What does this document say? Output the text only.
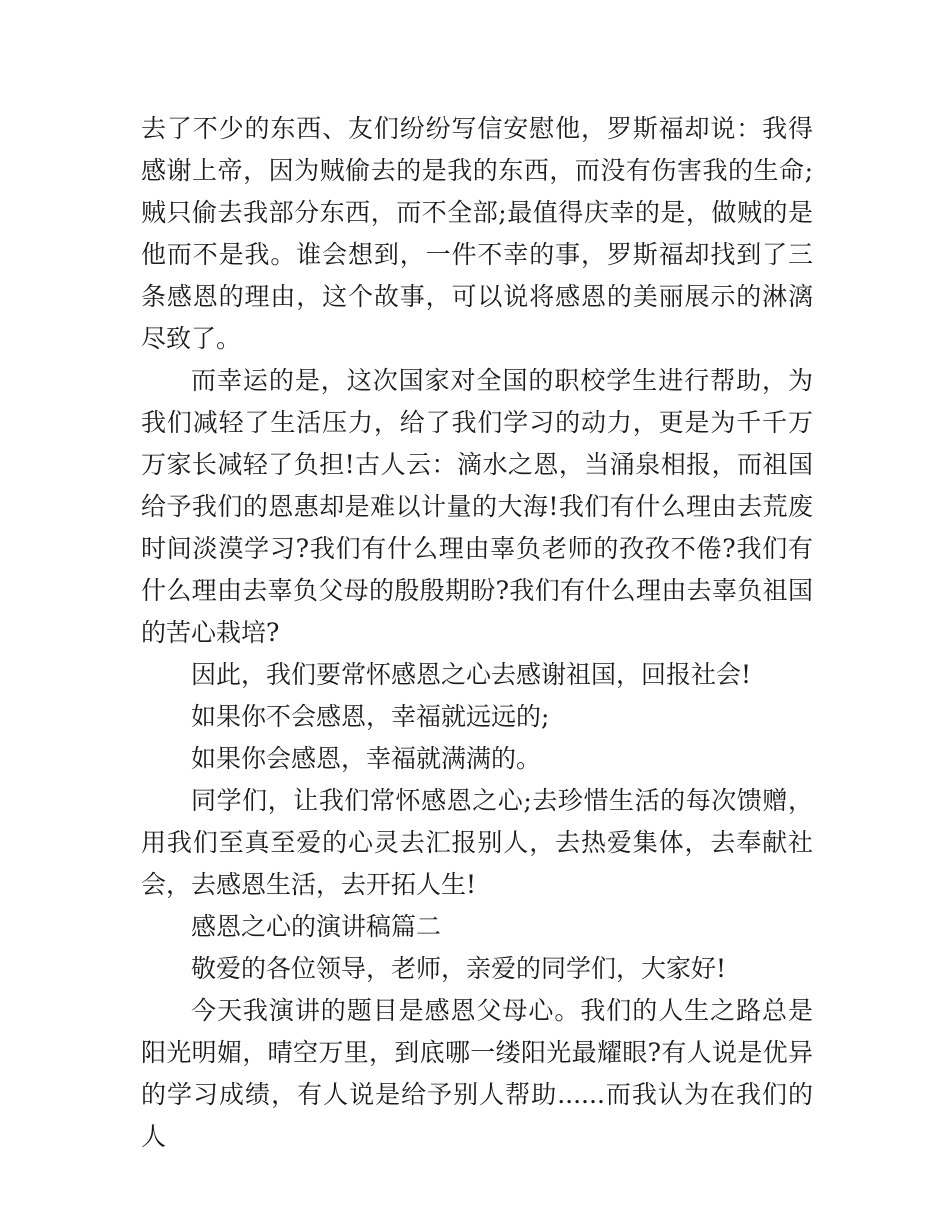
去了不少的东西、友们纷纷写信安慰他，罗斯福却说：我得感谢上帝，因为贼偷去的是我的东西，而没有伤害我的生命;贼只偷去我部分东西，而不全部;最值得庆幸的是，做贼的是他而不是我。谁会想到，一件不幸的事，罗斯福却找到了三条感恩的理由，这个故事，可以说将感恩的美丽展示的淋漓尽致了。

而幸运的是，这次国家对全国的职校学生进行帮助，为我们减轻了生活压力，给了我们学习的动力，更是为千千万万家长减轻了负担!古人云：滴水之恩，当涌泉相报，而祖国给予我们的恩惠却是难以计量的大海!我们有什么理由去荒废时间淡漠学习?我们有什么理由辜负老师的孜孜不倦?我们有什么理由去辜负父母的殷殷期盼?我们有什么理由去辜负祖国的苦心栽培?

因此，我们要常怀感恩之心去感谢祖国，回报社会!

如果你不会感恩，幸福就远远的;

如果你会感恩，幸福就满满的。

同学们，让我们常怀感恩之心;去珍惜生活的每次馈赠，用我们至真至爱的心灵去汇报别人，去热爱集体，去奉献社会，去感恩生活，去开拓人生!

感恩之心的演讲稿篇二

敬爱的各位领导，老师，亲爱的同学们，大家好!

今天我演讲的题目是感恩父母心。我们的人生之路总是阳光明媚，晴空万里，到底哪一缕阳光最耀眼?有人说是优异的学习成绩，有人说是给予别人帮助......而我认为在我们的人
